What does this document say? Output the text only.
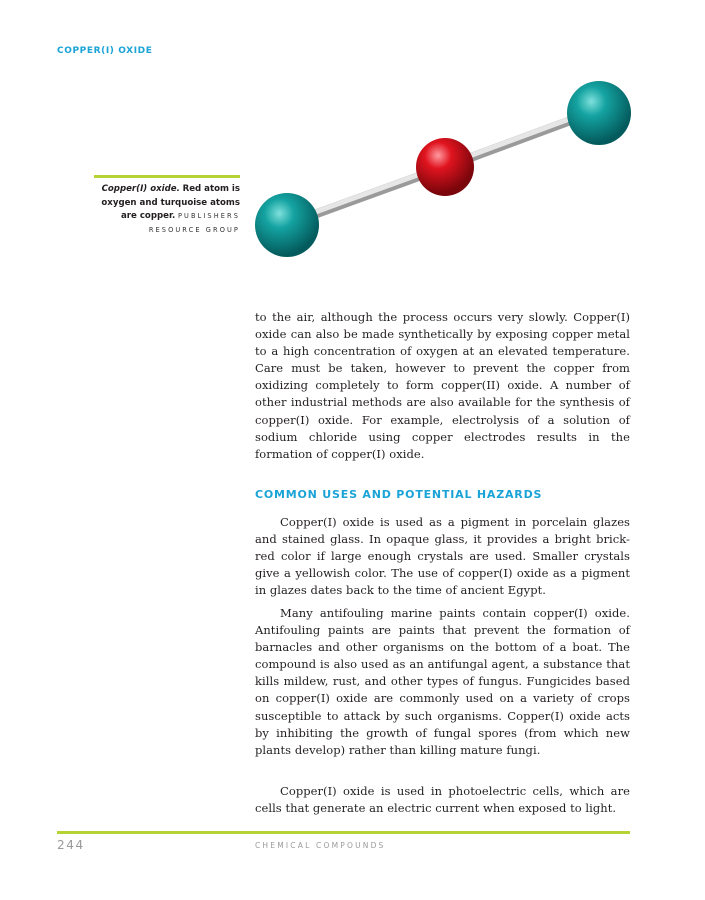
COPPER(I) OXIDE
Copper(I) oxide. Red atom is oxygen and turquoise atoms are copper. PUBLISHERS RESOURCE GROUP
to the air, although the process occurs very slowly. Copper(I) oxide can also be made synthetically by exposing copper metal to a high concentration of oxygen at an elevated temperature. Care must be taken, however to prevent the copper from oxidizing completely to form copper(II) oxide. A number of other industrial methods are also available for the synthesis of copper(I) oxide. For example, electrolysis of a solution of sodium chloride using copper electrodes results in the formation of copper(I) oxide.
COMMON USES AND POTENTIAL HAZARDS
Copper(I) oxide is used as a pigment in porcelain glazes and stained glass. In opaque glass, it provides a bright brick-red color if large enough crystals are used. Smaller crystals give a yellowish color. The use of copper(I) oxide as a pigment in glazes dates back to the time of ancient Egypt.
Many antifouling marine paints contain copper(I) oxide. Antifouling paints are paints that prevent the formation of barnacles and other organisms on the bottom of a boat. The compound is also used as an antifungal agent, a substance that kills mildew, rust, and other types of fungus. Fungicides based on copper(I) oxide are commonly used on a variety of crops susceptible to attack by such organisms. Copper(I) oxide acts by inhibiting the growth of fungal spores (from which new plants develop) rather than killing mature fungi.
Copper(I) oxide is used in photoelectric cells, which are cells that generate an electric current when exposed to light.
244	CHEMICAL COMPOUNDS
